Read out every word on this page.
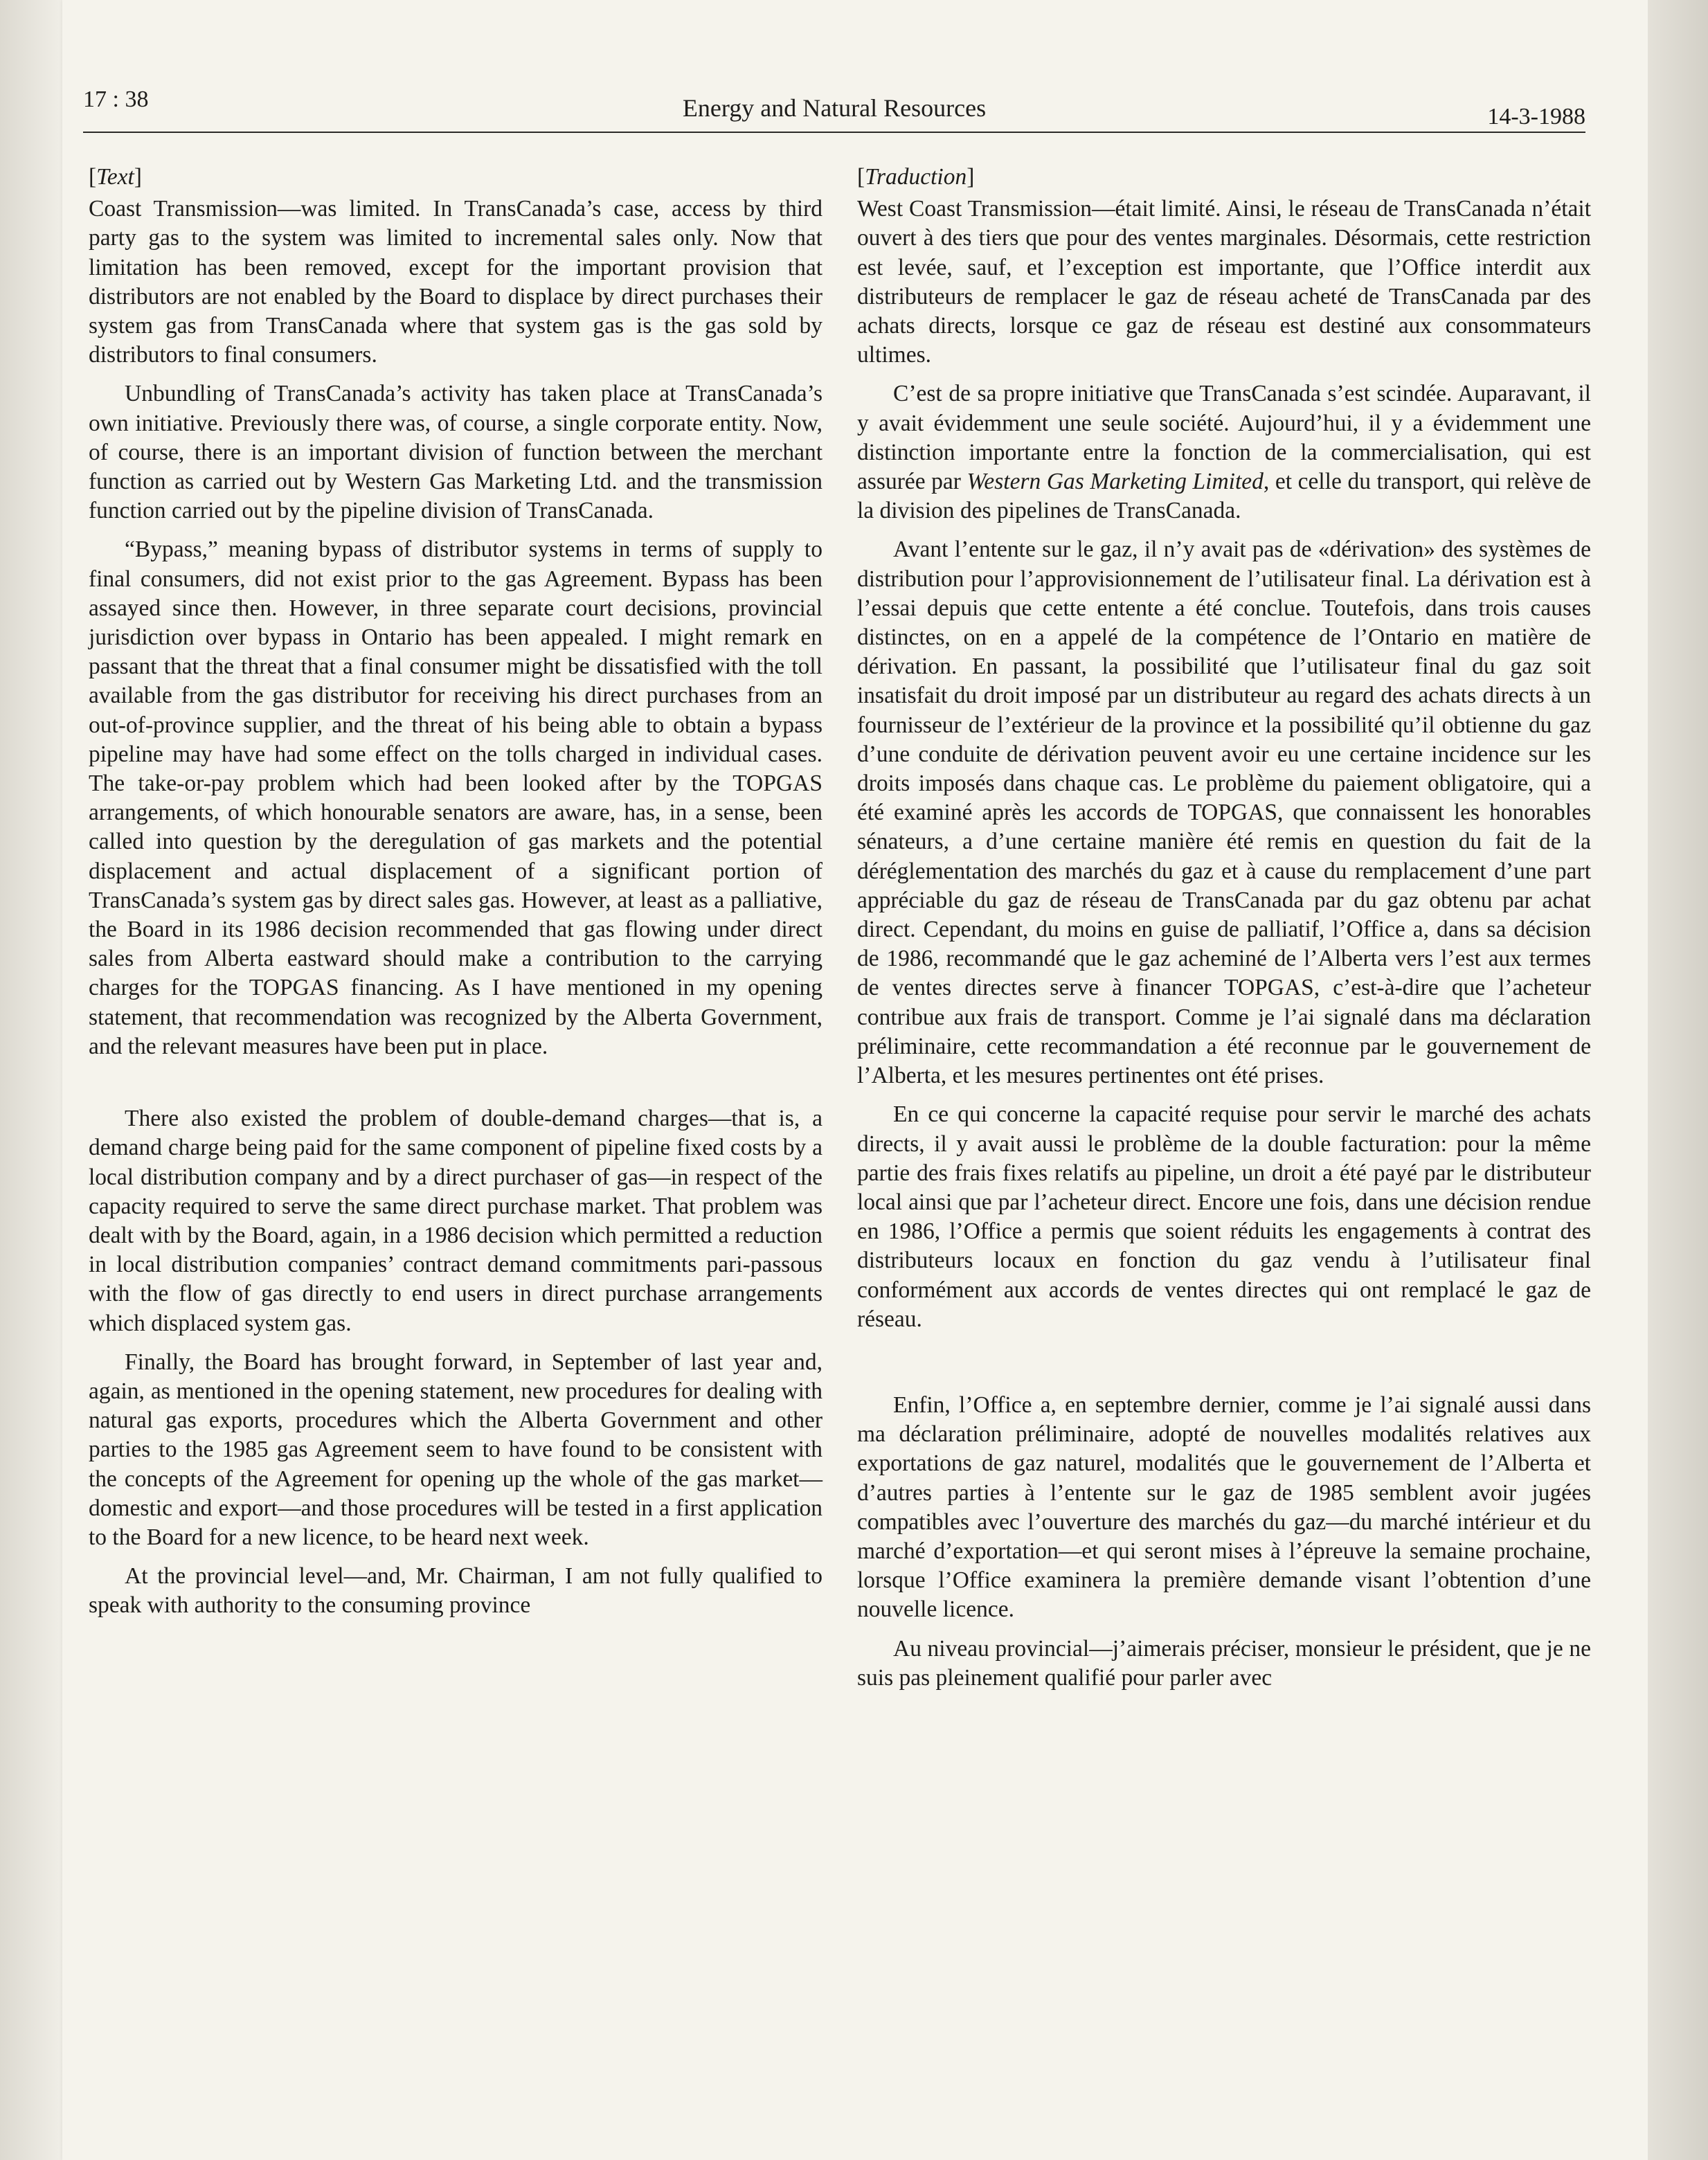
17 : 38	Energy and Natural Resources	14-3-1988
[Text]

Coast Transmission—was limited. In TransCanada’s case, access by third party gas to the system was limited to incremental sales only. Now that limitation has been removed, except for the important provision that distributors are not enabled by the Board to displace by direct purchases their system gas from TransCanada where that system gas is the gas sold by distributors to final consumers.

Unbundling of TransCanada’s activity has taken place at TransCanada’s own initiative. Previously there was, of course, a single corporate entity. Now, of course, there is an important division of function between the merchant function as carried out by Western Gas Marketing Ltd. and the transmission function carried out by the pipeline division of TransCanada.

“Bypass,” meaning bypass of distributor systems in terms of supply to final consumers, did not exist prior to the gas Agreement. Bypass has been assayed since then. However, in three separate court decisions, provincial jurisdiction over bypass in Ontario has been appealed. I might remark en passant that the threat that a final consumer might be dissatisfied with the toll available from the gas distributor for receiving his direct purchases from an out-of-province supplier, and the threat of his being able to obtain a bypass pipeline may have had some effect on the tolls charged in individual cases. The take-or-pay problem which had been looked after by the TOPGAS arrangements, of which honourable senators are aware, has, in a sense, been called into question by the deregulation of gas markets and the potential displacement and actual displacement of a significant portion of TransCanada’s system gas by direct sales gas. However, at least as a palliative, the Board in its 1986 decision recommended that gas flowing under direct sales from Alberta eastward should make a contribution to the carrying charges for the TOPGAS financing. As I have mentioned in my opening statement, that recommendation was recognized by the Alberta Government, and the relevant measures have been put in place.

There also existed the problem of double-demand charges—that is, a demand charge being paid for the same component of pipeline fixed costs by a local distribution company and by a direct purchaser of gas—in respect of the capacity required to serve the same direct purchase market. That problem was dealt with by the Board, again, in a 1986 decision which permitted a reduction in local distribution companies’ contract demand commitments pari-passous with the flow of gas directly to end users in direct purchase arrangements which displaced system gas.

Finally, the Board has brought forward, in September of last year and, again, as mentioned in the opening statement, new procedures for dealing with natural gas exports, procedures which the Alberta Government and other parties to the 1985 gas Agreement seem to have found to be consistent with the concepts of the Agreement for opening up the whole of the gas market—domestic and export—and those procedures will be tested in a first application to the Board for a new licence, to be heard next week.

At the provincial level—and, Mr. Chairman, I am not fully qualified to speak with authority to the consuming province

[Traduction]

West Coast Transmission—était limité. Ainsi, le réseau de TransCanada n’était ouvert à des tiers que pour des ventes marginales. Désormais, cette restriction est levée, sauf, et l’exception est importante, que l’Office interdit aux distributeurs de remplacer le gaz de réseau acheté de TransCanada par des achats directs, lorsque ce gaz de réseau est destiné aux consommateurs ultimes.

C’est de sa propre initiative que TransCanada s’est scindée. Auparavant, il y avait évidemment une seule société. Aujourd’hui, il y a évidemment une distinction importante entre la fonction de la commercialisation, qui est assurée par Western Gas Marketing Limited, et celle du transport, qui relève de la division des pipelines de TransCanada.

Avant l’entente sur le gaz, il n’y avait pas de «dérivation» des systèmes de distribution pour l’approvisionnement de l’utilisateur final. La dérivation est à l’essai depuis que cette entente a été conclue. Toutefois, dans trois causes distinctes, on en a appelé de la compétence de l’Ontario en matière de dérivation. En passant, la possibilité que l’utilisateur final du gaz soit insatisfait du droit imposé par un distributeur au regard des achats directs à un fournisseur de l’extérieur de la province et la possibilité qu’il obtienne du gaz d’une conduite de dérivation peuvent avoir eu une certaine incidence sur les droits imposés dans chaque cas. Le problème du paiement obligatoire, qui a été examiné après les accords de TOPGAS, que connaissent les honorables sénateurs, a d’une certaine manière été remis en question du fait de la déréglementation des marchés du gaz et à cause du remplacement d’une part appréciable du gaz de réseau de TransCanada par du gaz obtenu par achat direct. Cependant, du moins en guise de palliatif, l’Office a, dans sa décision de 1986, recommandé que le gaz acheminé de l’Alberta vers l’est aux termes de ventes directes serve à financer TOPGAS, c’est-à-dire que l’acheteur contribue aux frais de transport. Comme je l’ai signalé dans ma déclaration préliminaire, cette recommandation a été reconnue par le gouvernement de l’Alberta, et les mesures pertinentes ont été prises.

En ce qui concerne la capacité requise pour servir le marché des achats directs, il y avait aussi le problème de la double facturation: pour la même partie des frais fixes relatifs au pipeline, un droit a été payé par le distributeur local ainsi que par l’acheteur direct. Encore une fois, dans une décision rendue en 1986, l’Office a permis que soient réduits les engagements à contrat des distributeurs locaux en fonction du gaz vendu à l’utilisateur final conformément aux accords de ventes directes qui ont remplacé le gaz de réseau.

Enfin, l’Office a, en septembre dernier, comme je l’ai signalé aussi dans ma déclaration préliminaire, adopté de nouvelles modalités relatives aux exportations de gaz naturel, modalités que le gouvernement de l’Alberta et d’autres parties à l’entente sur le gaz de 1985 semblent avoir jugées compatibles avec l’ouverture des marchés du gaz—du marché intérieur et du marché d’exportation—et qui seront mises à l’épreuve la semaine prochaine, lorsque l’Office examinera la première demande visant l’obtention d’une nouvelle licence.

Au niveau provincial—j’aimerais préciser, monsieur le président, que je ne suis pas pleinement qualifié pour parler avec
